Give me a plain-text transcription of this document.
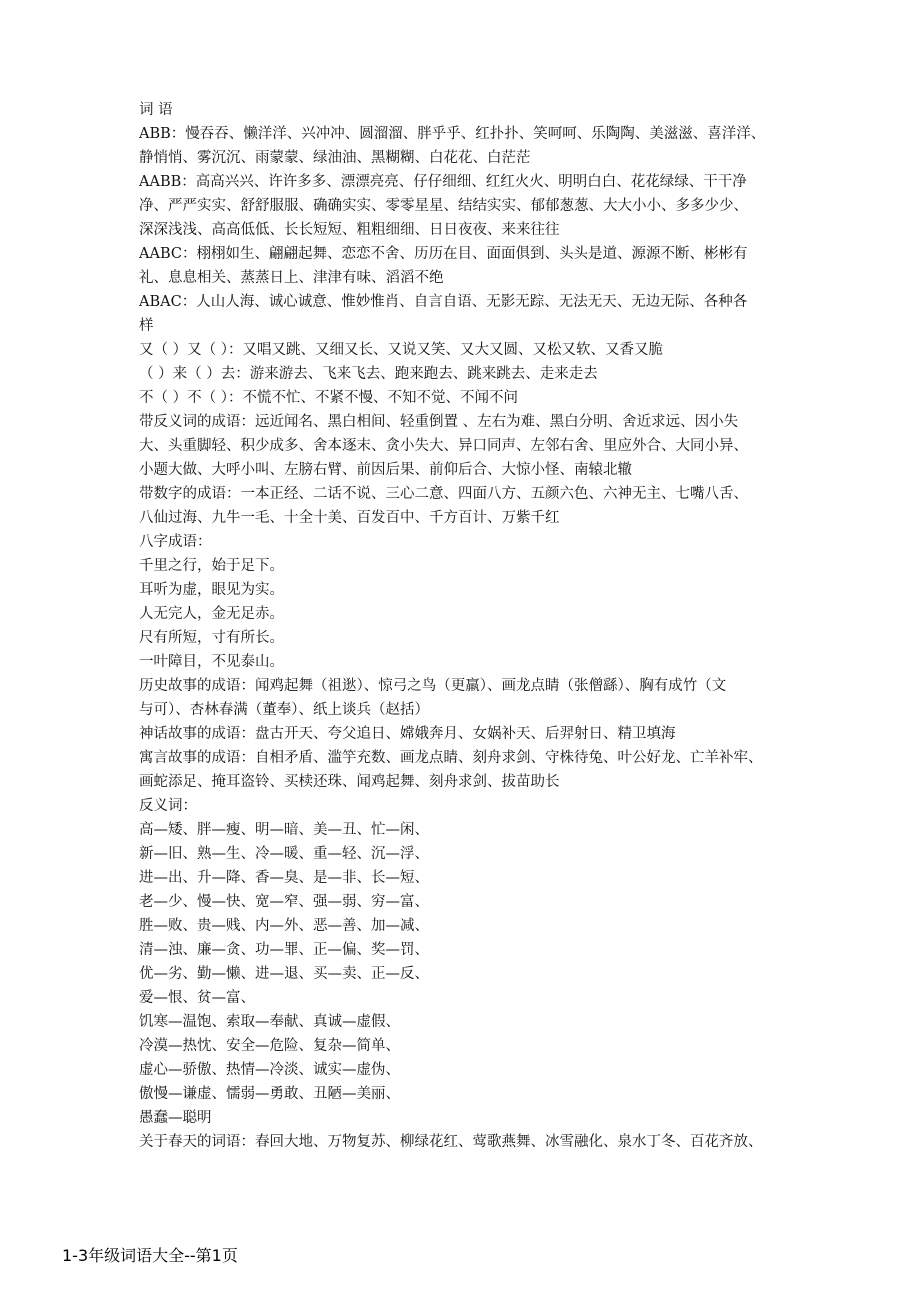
词 语
ABB：慢吞吞、懒洋洋、兴冲冲、圆溜溜、胖乎乎、红扑扑、笑呵呵、乐陶陶、美滋滋、喜洋洋、
静悄悄、雾沉沉、雨蒙蒙、绿油油、黑糊糊、白花花、白茫茫
AABB：高高兴兴、许许多多、漂漂亮亮、仔仔细细、红红火火、明明白白、花花绿绿、干干净
净、严严实实、舒舒服服、确确实实、零零星星、结结实实、郁郁葱葱、大大小小、多多少少、
深深浅浅、高高低低、长长短短、粗粗细细、日日夜夜、来来往往
AABC：栩栩如生、翩翩起舞、恋恋不舍、历历在目、面面俱到、头头是道、源源不断、彬彬有
礼、息息相关、蒸蒸日上、津津有味、滔滔不绝
ABAC：人山人海、诚心诚意、惟妙惟肖、自言自语、无影无踪、无法无天、无边无际、各种各
样
又（ ）又（ ）：又唱又跳、又细又长、又说又笑、又大又圆、又松又软、又香又脆
（ ）来（ ）去：游来游去、飞来飞去、跑来跑去、跳来跳去、走来走去
不（ ）不（ ）：不慌不忙、不紧不慢、不知不觉、不闻不问
带反义词的成语：远近闻名、黑白相间、轻重倒置 、左右为难、黑白分明、舍近求远、因小失
大、头重脚轻、积少成多、舍本逐末、贪小失大、异口同声、左邻右舍、里应外合、大同小异、
小题大做、大呼小叫、左膀右臂、前因后果、前仰后合、大惊小怪、南辕北辙
带数字的成语：一本正经、二话不说、三心二意、四面八方、五颜六色、六神无主、七嘴八舌、
八仙过海、九牛一毛、十全十美、百发百中、千方百计、万紫千红
八字成语：
千里之行，始于足下。
耳听为虚，眼见为实。
人无完人，金无足赤。
尺有所短，寸有所长。
一叶障目，不见泰山。
历史故事的成语：闻鸡起舞（祖逖）、惊弓之鸟（更羸）、画龙点睛（张僧繇）、胸有成竹（文
与可）、杏林春满（董奉）、纸上谈兵（赵括）
神话故事的成语：盘古开天、夸父追日、嫦娥奔月、女娲补天、后羿射日、精卫填海
寓言故事的成语：自相矛盾、滥竽充数、画龙点睛、刻舟求剑、守株待兔、叶公好龙、亡羊补牢、
画蛇添足、掩耳盗铃、买椟还珠、闻鸡起舞、刻舟求剑、拔苗助长
反义词：
高—矮、胖—瘦、明—暗、美—丑、忙—闲、
新—旧、熟—生、冷—暖、重—轻、沉—浮、
进—出、升—降、香—臭、是—非、长—短、
老—少、慢—快、宽—窄、强—弱、穷—富、
胜—败、贵—贱、内—外、恶—善、加—减、
清—浊、廉—贪、功—罪、正—偏、奖—罚、
优—劣、勤—懒、进—退、买—卖、正—反、
爱—恨、贫—富、
饥寒—温饱、索取—奉献、真诚—虚假、
冷漠—热忱、安全—危险、复杂—简单、
虚心—骄傲、热情—冷淡、诚实—虚伪、
傲慢—谦虚、懦弱—勇敢、丑陋—美丽、
愚蠢—聪明
关于春天的词语：春回大地、万物复苏、柳绿花红、莺歌燕舞、冰雪融化、泉水丁冬、百花齐放、
1-3年级词语大全--第1页
